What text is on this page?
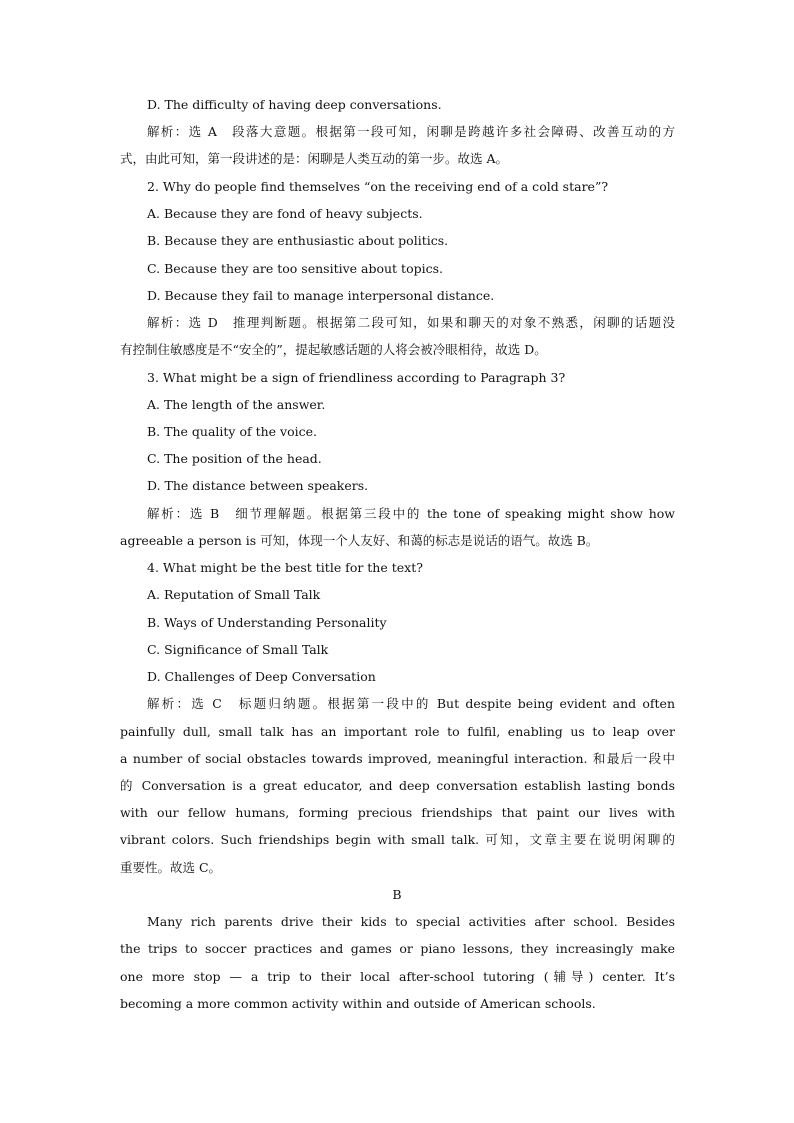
D. The difficulty of having deep conversations.
解析：选 A　段落大意题。根据第一段可知，闲聊是跨越许多社会障碍、改善互动的方
式，由此可知，第一段讲述的是：闲聊是人类互动的第一步。故选 A。
2. Why do people find themselves “on the receiving end of a cold stare”?
A. Because they are fond of heavy subjects.
B. Because they are enthusiastic about politics.
C. Because they are too sensitive about topics.
D. Because they fail to manage interpersonal distance.
解析：选 D　推理判断题。根据第二段可知，如果和聊天的对象不熟悉，闲聊的话题没
有控制住敏感度是不“安全的”，提起敏感话题的人将会被冷眼相待，故选 D。
3. What might be a sign of friendliness according to Paragraph 3?
A. The length of the answer.
B. The quality of the voice.
C. The position of the head.
D. The distance between speakers.
解析：选 B　细节理解题。根据第三段中的 the tone of speaking might show how
agreeable a person is 可知，体现一个人友好、和蔼的标志是说话的语气。故选 B。
4. What might be the best title for the text?
A. Reputation of Small Talk
B. Ways of Understanding Personality
C. Significance of Small Talk
D. Challenges of Deep Conversation
解析：选 C　标题归纳题。根据第一段中的 But despite being evident and often
painfully dull, small talk has an important role to fulfil, enabling us to leap over
a number of social obstacles towards improved, meaningful interaction. 和最后一段中
的 Conversation is a great educator, and deep conversation establish lasting bonds
with our fellow humans, forming precious friendships that paint our lives with
vibrant colors. Such friendships begin with small talk. 可知，文章主要在说明闲聊的
重要性。故选 C。
B
Many rich parents drive their kids to special activities after school. Besides
the trips to soccer practices and games or piano lessons, they increasingly make
one more stop — a trip to their local after-school tutoring (辅导) center. It’s
becoming a more common activity within and outside of American schools.
